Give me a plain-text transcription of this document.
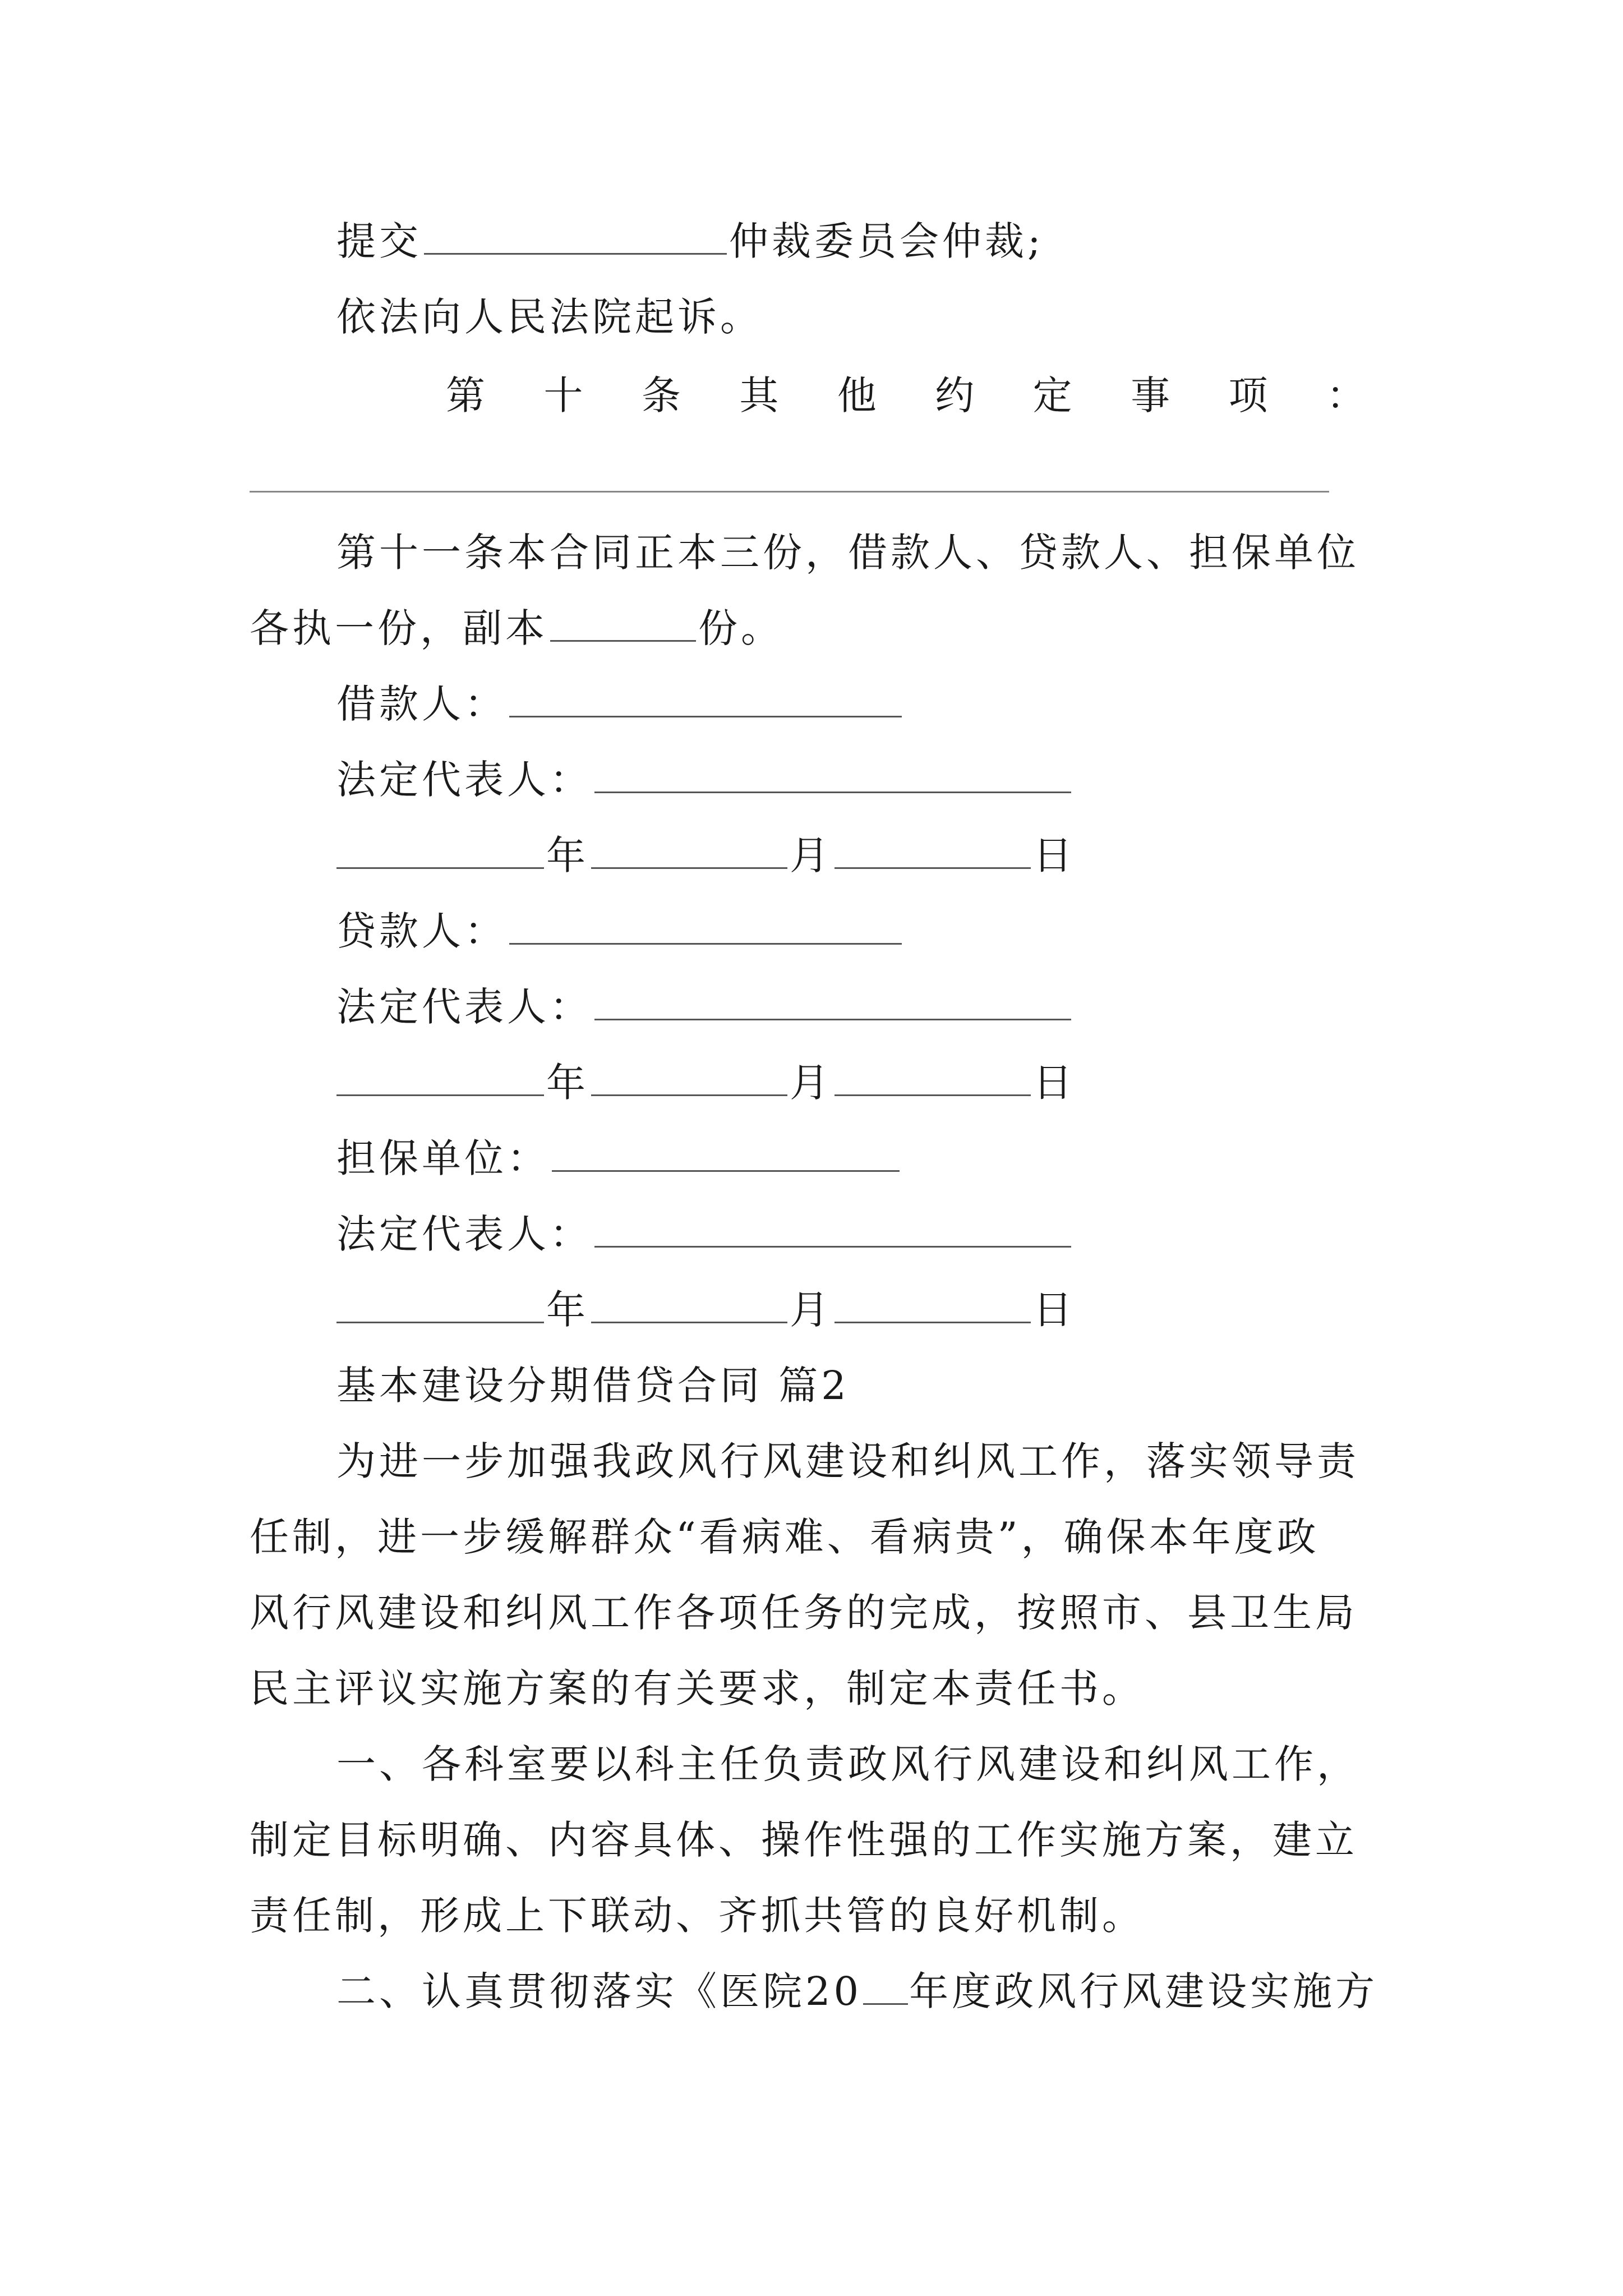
提交	仲裁委员会仲裁;
依法向人民法院起诉。
第 十 条 其 他 约 定 事 项 ：
第十一条本合同正本三份，借款人、贷款人、担保单位
各执一份，副本	份。
借款人：
法定代表人：
年	月	日
贷款人：
法定代表人：
年	月	日
担保单位：
法定代表人：
年	月	日
基本建设分期借贷合同 篇2
为进一步加强我政风行风建设和纠风工作，落实领导责
任制，进一步缓解群众“看病难、看病贵”，确保本年度政
风行风建设和纠风工作各项任务的完成，按照市、县卫生局
民主评议实施方案的有关要求，制定本责任书。
一、各科室要以科主任负责政风行风建设和纠风工作，
制定目标明确、内容具体、操作性强的工作实施方案，建立
责任制，形成上下联动、齐抓共管的良好机制。
二、认真贯彻落实《医院20 年度政风行风建设实施方
